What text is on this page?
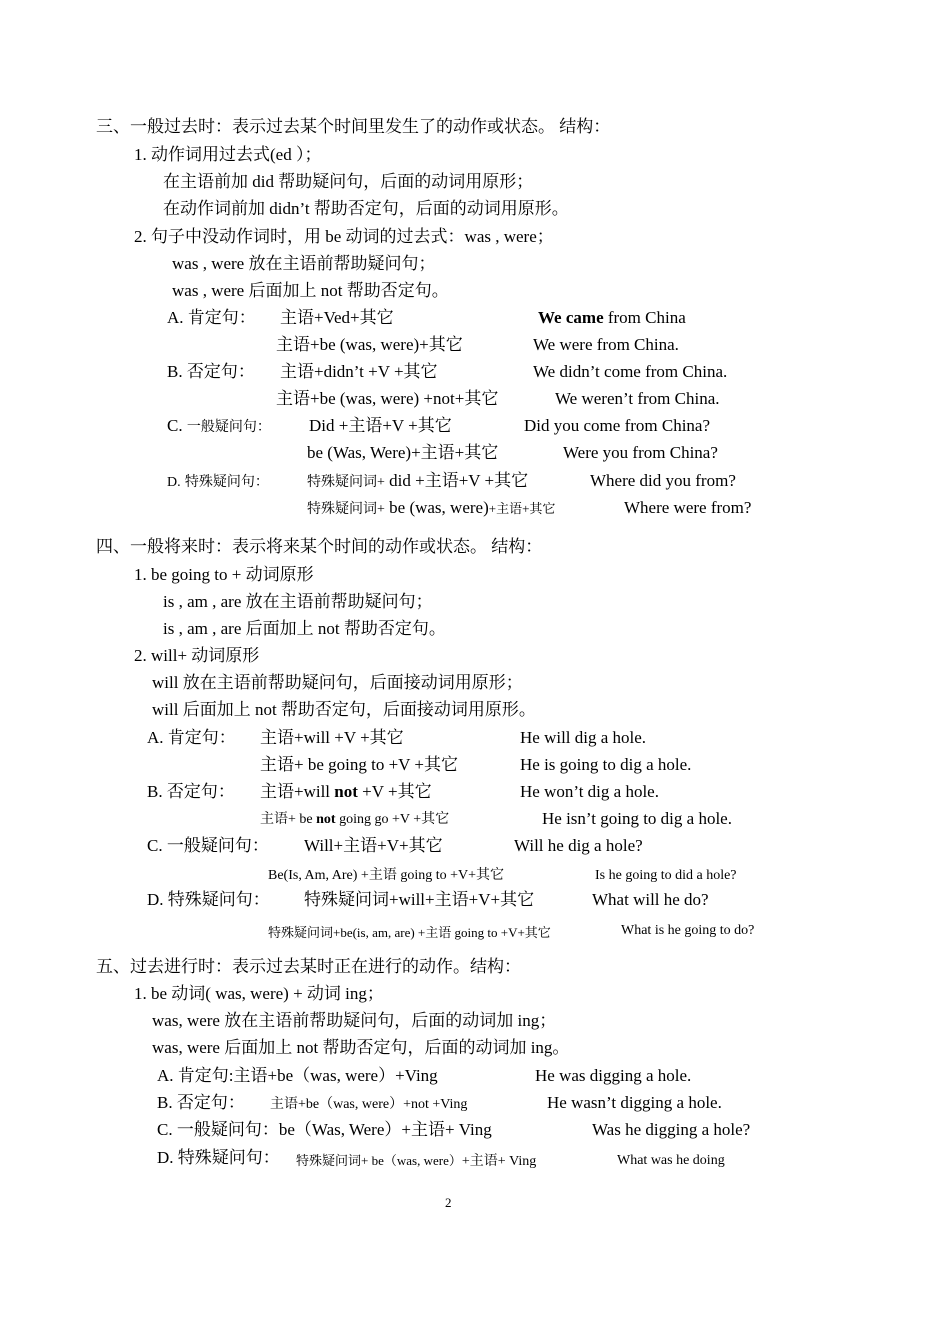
三、一般过去时：表示过去某个时间里发生了的动作或状态。 结构：
1. 动作词用过去式(ed ）；
在主语前加 did 帮助疑问句，后面的动词用原形；
在动作词前加 didn’t 帮助否定句，后面的动词用原形。
2. 句子中没动作词时，用 be 动词的过去式：was , were；
was , were 放在主语前帮助疑问句；
was , were 后面加上 not 帮助否定句。
A. 肯定句： 主语+Ved+其它	We came from China
主语+be (was, were)+其它	We were from China.
B. 否定句： 主语+didn’t +V +其它	We didn’t come from China.
主语+be (was, were) +not+其它	We weren’t from China.
C. 一般疑问句： Did +主语+V +其它	Did you come from China?
be (Was, Were)+主语+其它	Were you from China?
D. 特殊疑问句：	特殊疑问词+ did +主语+V +其它	Where did you from?
特殊疑问词+ be (was, were)+主语+其它	Where were from?
四、一般将来时：表示将来某个时间的动作或状态。 结构：
1. be going to + 动词原形
is , am , are 放在主语前帮助疑问句；
is , am , are 后面加上 not 帮助否定句。
2. will+ 动词原形
will 放在主语前帮助疑问句，后面接动词用原形；
will 后面加上 not 帮助否定句，后面接动词用原形。
A. 肯定句： 主语+will +V +其它	He will dig a hole.
主语+ be going to +V +其它	He is going to dig a hole.
B. 否定句： 主语+will not +V +其它	He won’t dig a hole.
主语+ be not going go +V +其它	He isn’t going to dig a hole.
C. 一般疑问句： Will+主语+V+其它	Will he dig a hole?
Be(Is, Am, Are) +主语 going to +V+其它	Is he going to did a hole?
D. 特殊疑问句： 特殊疑问词+will+主语+V+其它	What will he do?
特殊疑问词+be(is, am, are) +主语 going to +V+其它	What is he going to do?
五、过去进行时：表示过去某时正在进行的动作。结构：
1. be 动词( was, were) + 动词 ing；
was, were 放在主语前帮助疑问句，后面的动词加 ing；
was, were 后面加上 not 帮助否定句，后面的动词加 ing。
A. 肯定句:主语+be（was, were）+Ving	He was digging a hole.
B. 否定句： 主语+be（was, were）+not +Ving	He wasn’t digging a hole.
C. 一般疑问句：be（Was, Were）+主语+ Ving	Was he digging a hole?
D. 特殊疑问句： 特殊疑问词+ be（was, were）+主语+ Ving	What was he doing
2
